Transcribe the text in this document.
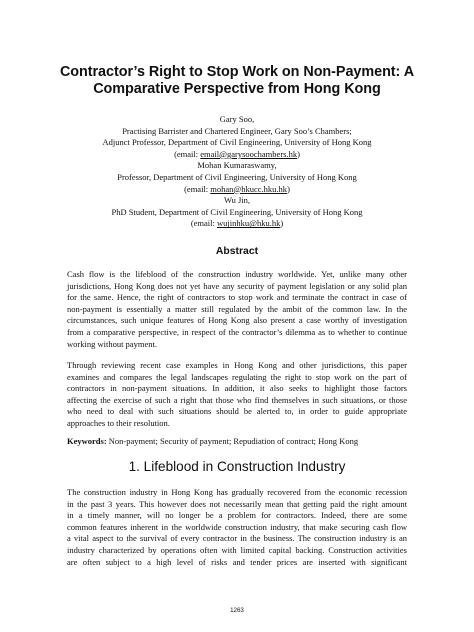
Contractor’s Right to Stop Work on Non-Payment: A
Comparative Perspective from Hong Kong
Gary Soo,
Practising Barrister and Chartered Engineer, Gary Soo’s Chambers;
Adjunct Professor, Department of Civil Engineering, University of Hong Kong
(email: email@garysoochambers.hk)
Mohan Kumaraswamy,
Professor, Department of Civil Engineering, University of Hong Kong
(email: mohan@hkucc.hku.hk)
Wu Jin,
PhD Student, Department of Civil Engineering, University of Hong Kong
(email: wujinhku@hku.hk)
Abstract
Cash flow is the lifeblood of the construction industry worldwide. Yet, unlike many other
jurisdictions, Hong Kong does not yet have any security of payment legislation or any solid plan
for the same. Hence, the right of contractors to stop work and terminate the contract in case of
non-payment is essentially a matter still regulated by the ambit of the common law. In the
circumstances, such unique features of Hong Kong also present a case worthy of investigation
from a comparative perspective, in respect of the contractor’s dilemma as to whether to continue
working without payment.
Through reviewing recent case examples in Hong Kong and other jurisdictions, this paper
examines and compares the legal landscapes regulating the right to stop work on the part of
contractors in non-payment situations. In addition, it also seeks to highlight those factors
affecting the exercise of such a right that those who find themselves in such situations, or those
who need to deal with such situations should be alerted to, in order to guide appropriate
approaches to their resolution.
Keywords: Non-payment; Security of payment; Repudiation of contract; Hong Kong
1. Lifeblood in Construction Industry
The construction industry in Hong Kong has gradually recovered from the economic recession
in the past 3 years. This however does not necessarily mean that getting paid the right amount
in a timely manner, will no longer be a problem for contractors. Indeed, there are some
common features inherent in the worldwide construction industry, that make securing cash flow
a vital aspect to the survival of every contractor in the business. The construction industry is an
industry characterized by operations often with limited capital backing. Construction activities
are often subject to a high level of risks and tender prices are inserted with significant
1263
